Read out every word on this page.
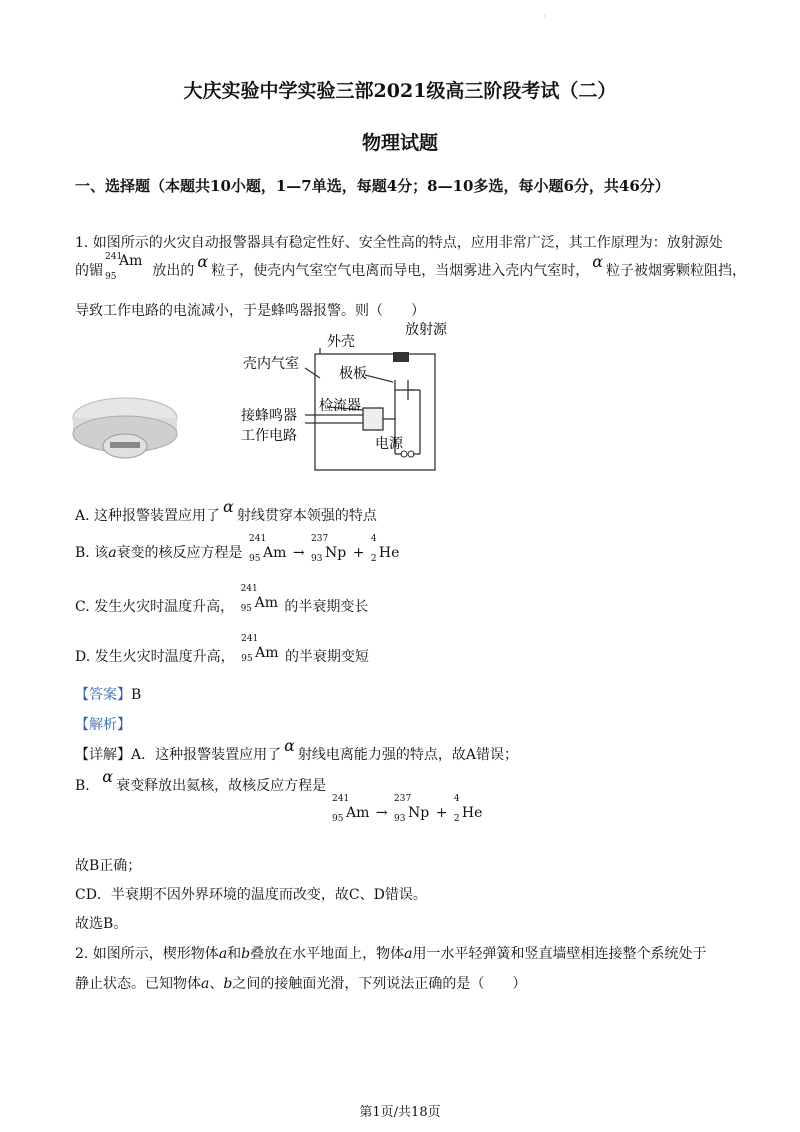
·
大庆实验中学实验三部2021级高三阶段考试（二）
物理试题
一、选择题（本题共10小题，1—7单选，每题4分；8—10多选，每小题6分，共46分）
1. 如图所示的火灾自动报警器具有稳定性好、安全性高的特点，应用非常广泛，其工作原理为：放射源处
的镅
241
95
Am放出的 α 粒子，使壳内气室空气电离而导电，当烟雾进入壳内气室时， α 粒子被烟雾颗粒阻挡，
导致工作电路的电流减小，于是蜂鸣器报警。则（　　）
外壳
放射源
壳内气室
极板
检流器
接蜂鸣器
工作电路	电源
A. 这种报警装置应用了 α 射线贯穿本领强的特点
B. 该a衰变的核反应方程是
241
95 Am →
237
93 Np +
4
2 He
C. 发生火灾时温度升高，
241
95 Am 的半衰期变长
D. 发生火灾时温度升高，
241
95 Am 的半衰期变短
【答案】B
【解析】
【详解】A．这种报警装置应用了 α 射线电离能力强的特点，故A错误；
B． α 衰变释放出氦核，故核反应方程是
241
95 Am →
237
93 Np +
4
2 He
故B正确；
CD．半衰期不因外界环境的温度而改变，故C、D错误。
故选B。
2. 如图所示，楔形物体a和b叠放在水平地面上，物体a用一水平轻弹簧和竖直墙壁相连接整个系统处于
静止状态。已知物体a、b之间的接触面光滑，下列说法正确的是（　　）
第1页/共18页
